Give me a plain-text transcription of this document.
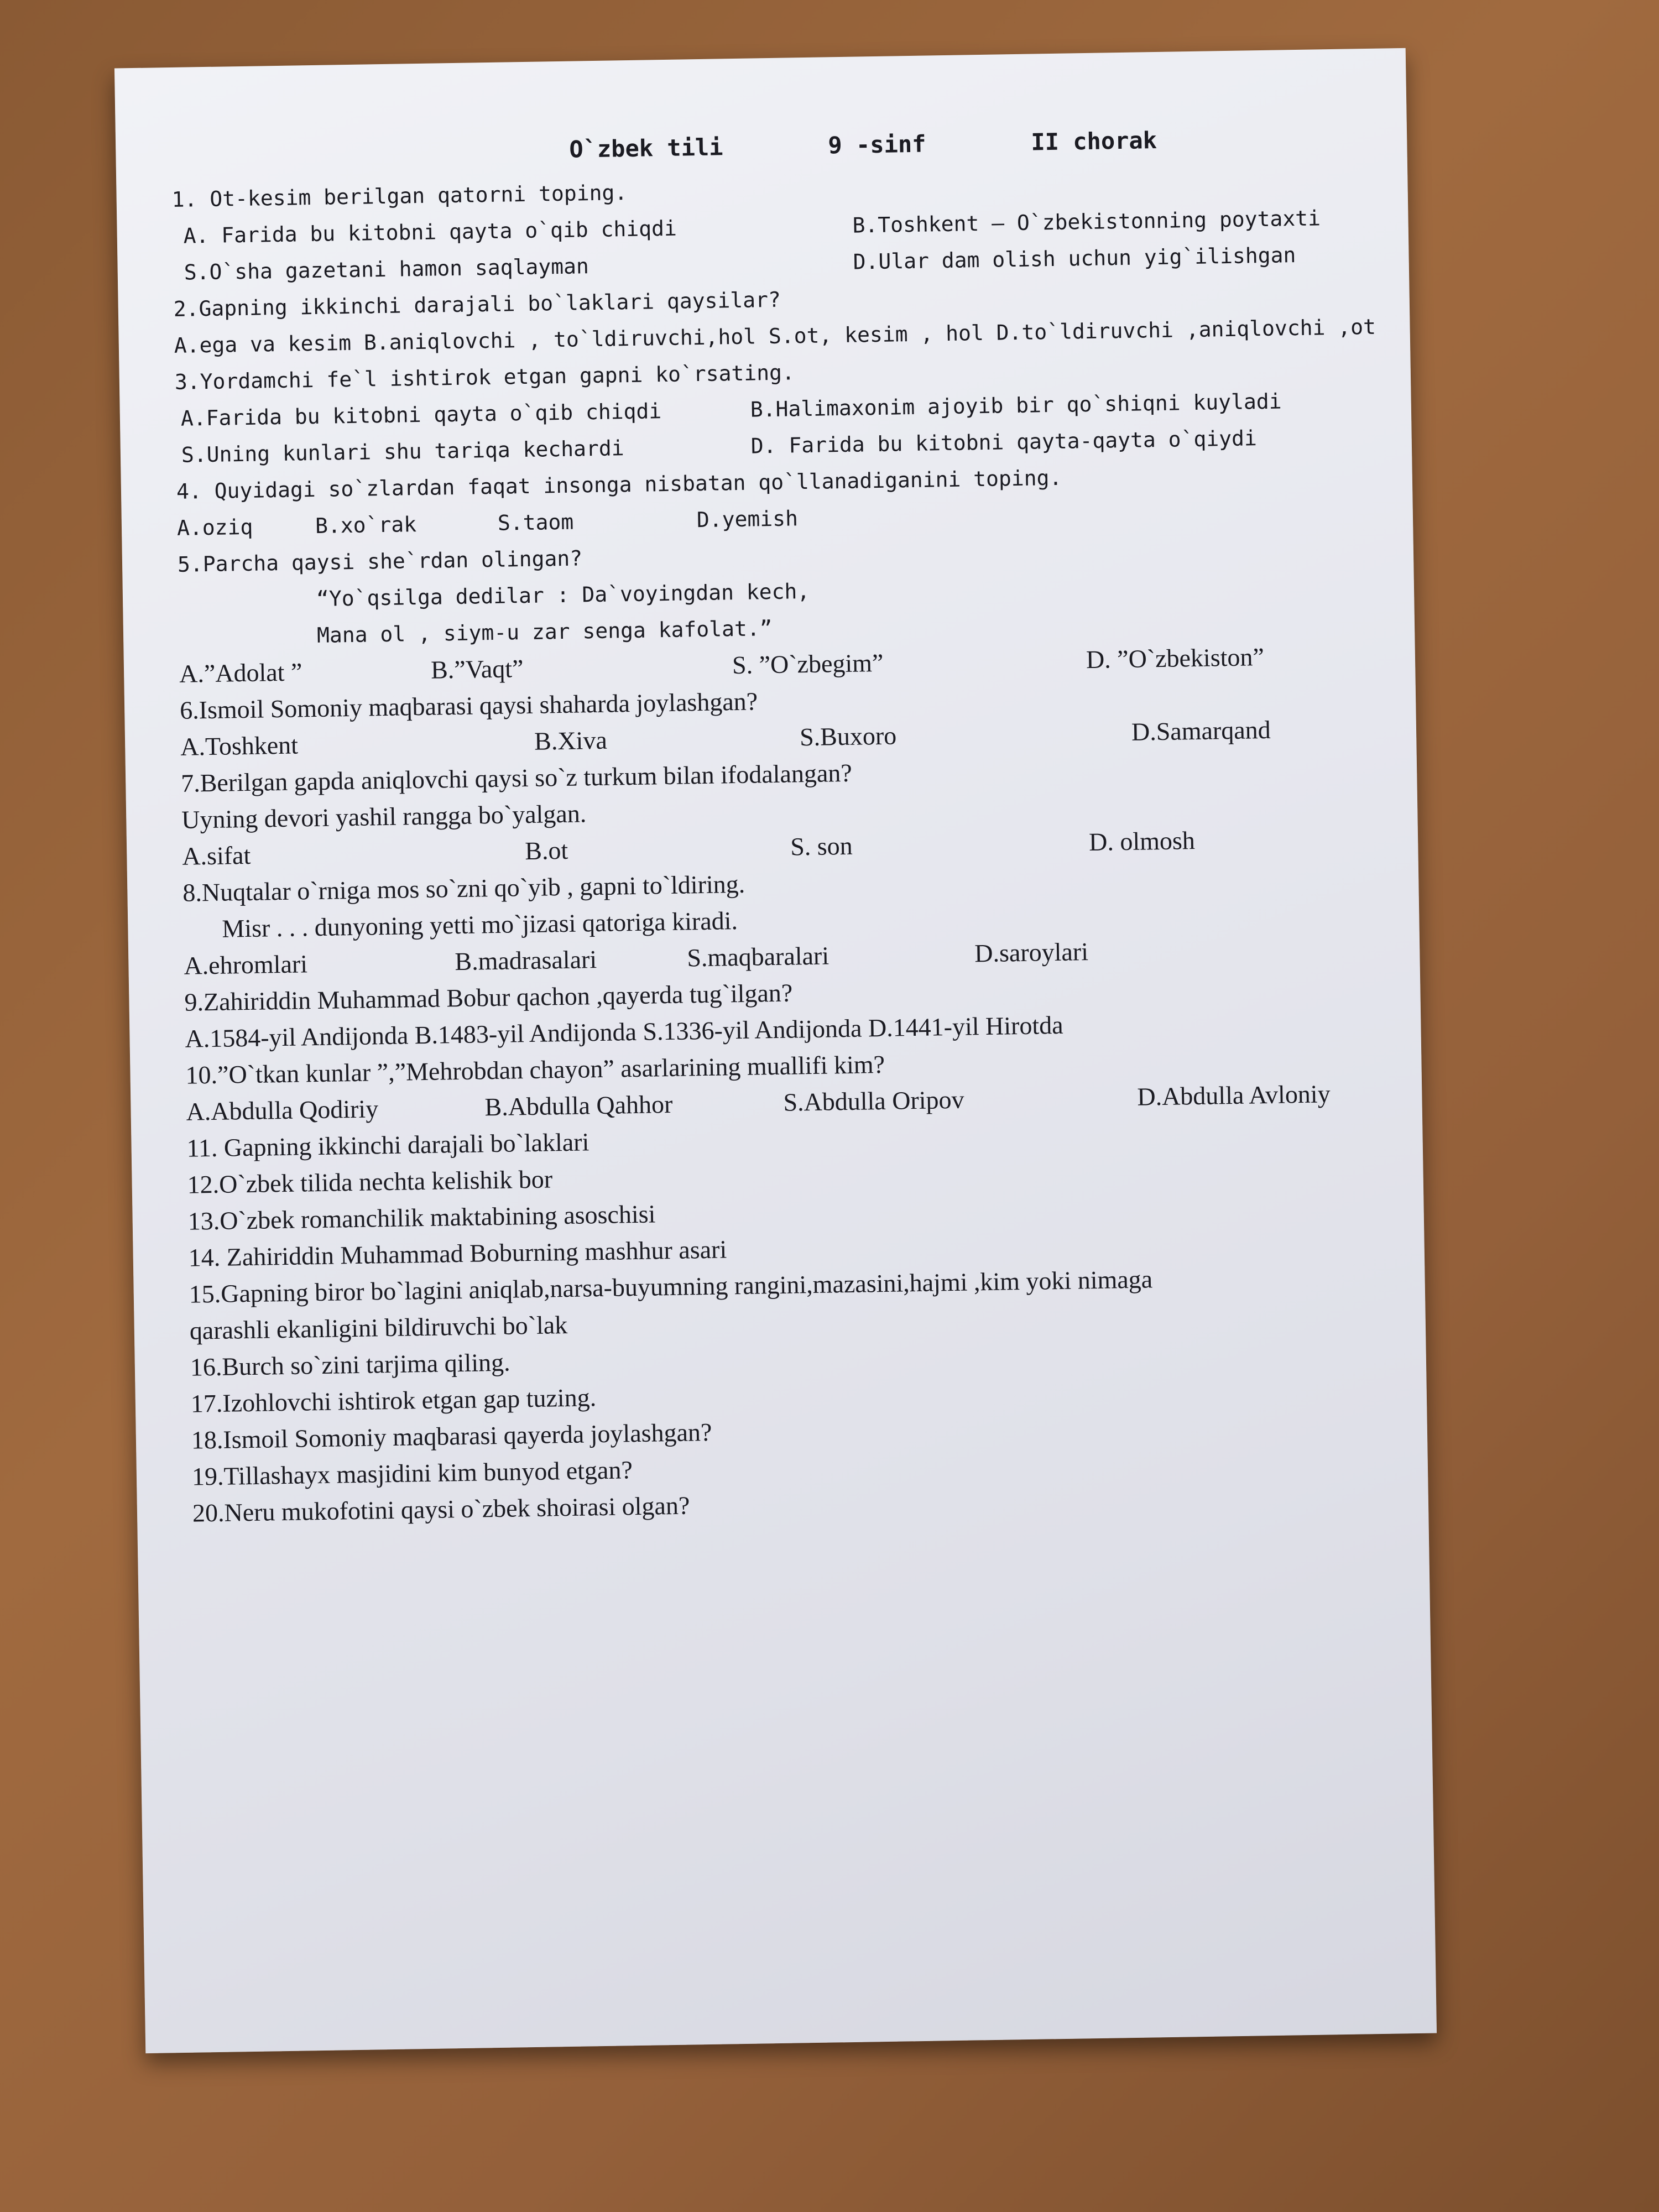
O`zbek tili	9 -sinf	II chorak
1. Ot-kesim berilgan qatorni toping.
A. Farida bu kitobni qayta o`qib chiqdi	B.Toshkent – O`zbekistonning poytaxti
S.O`sha gazetani hamon saqlayman	D.Ular dam olish uchun yig`ilishgan
2.Gapning ikkinchi darajali bo`laklari qaysilar?
A.ega va kesim B.aniqlovchi , to`ldiruvchi,hol S.ot, kesim , hol D.to`ldiruvchi ,aniqlovchi ,ot
3.Yordamchi fe`l ishtirok etgan gapni ko`rsating.
A.Farida bu kitobni qayta o`qib chiqdi	B.Halimaxonim ajoyib bir qo`shiqni kuyladi
S.Uning kunlari shu tariqa kechardi	D. Farida bu kitobni qayta-qayta o`qiydi
4. Quyidagi so`zlardan faqat insonga nisbatan qo`llanadiganini toping.
A.oziq	B.xo`rak	S.taom	D.yemish
5.Parcha qaysi she`rdan olingan?
“Yo`qsilga dedilar : Da`voyingdan kech,
Mana ol , siym-u zar senga kafolat.”
A.”Adolat ”	B.”Vaqt”	S. ”O`zbegim”	D. ”O`zbekiston”
6.Ismoil Somoniy maqbarasi qaysi shaharda joylashgan?
A.Toshkent	B.Xiva	S.Buxoro	D.Samarqand
7.Berilgan gapda aniqlovchi qaysi so`z turkum bilan ifodalangan?
Uyning devori yashil rangga bo`yalgan.
A.sifat	B.ot	S. son	D. olmosh
8.Nuqtalar o`rniga mos so`zni qo`yib , gapni to`ldiring.
Misr . . . dunyoning yetti mo`jizasi qatoriga kiradi.
A.ehromlari	B.madrasalari	S.maqbaralari	D.saroylari
9.Zahiriddin Muhammad Bobur qachon ,qayerda tug`ilgan?
A.1584-yil Andijonda B.1483-yil Andijonda S.1336-yil Andijonda D.1441-yil Hirotda
10.”O`tkan kunlar ”,”Mehrobdan chayon” asarlarining muallifi kim?
A.Abdulla Qodiriy	B.Abdulla Qahhor	S.Abdulla Oripov	D.Abdulla Avloniy
11. Gapning ikkinchi darajali bo`laklari
12.O`zbek tilida nechta kelishik bor
13.O`zbek romanchilik maktabining asoschisi
14. Zahiriddin Muhammad Boburning mashhur asari
15.Gapning biror bo`lagini aniqlab,narsa-buyumning rangini,mazasini,hajmi ,kim yoki nimaga
qarashli ekanligini bildiruvchi bo`lak
16.Burch so`zini tarjima qiling.
17.Izohlovchi ishtirok etgan gap tuzing.
18.Ismoil Somoniy maqbarasi qayerda joylashgan?
19.Tillashayx masjidini kim bunyod etgan?
20.Neru mukofotini qaysi o`zbek shoirasi olgan?
